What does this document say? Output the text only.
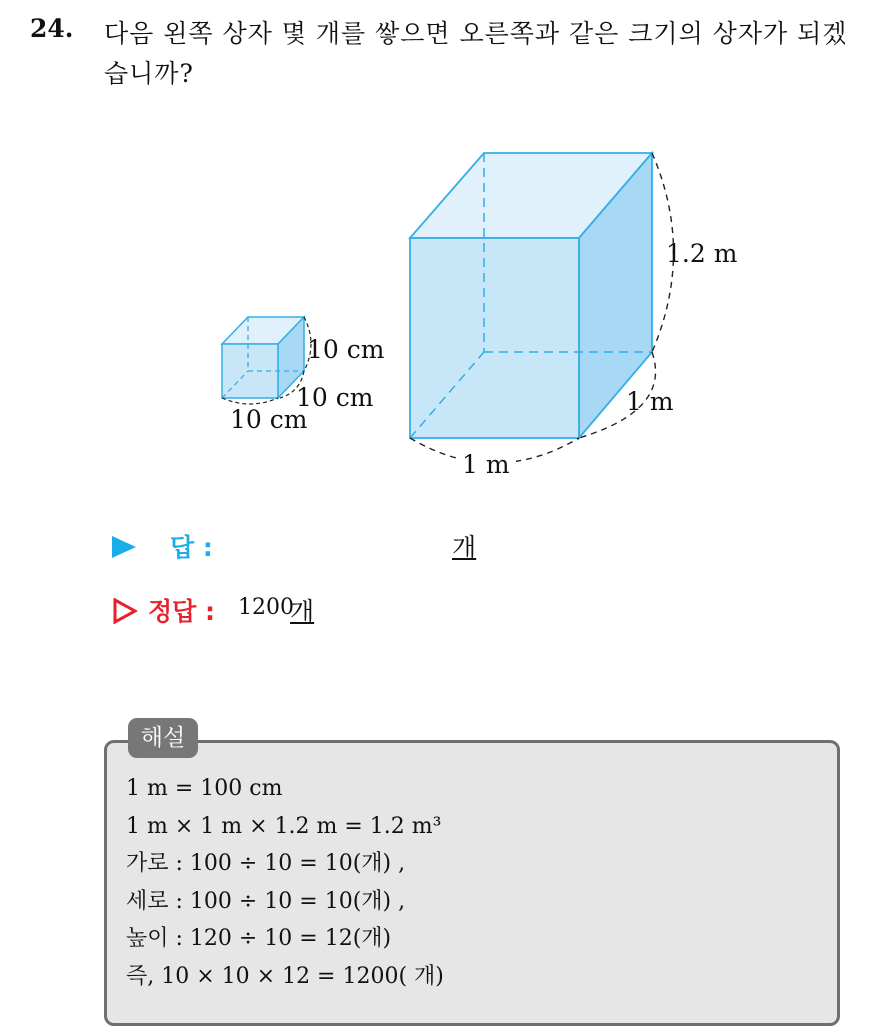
24. 다음 왼쪽 상자 몇 개를 쌓으면 오른쪽과 같은 크기의 상자가 되겠습니까?
10 cm
10 cm
10 cm
1.2 m
1 m
1 m
답 :	개
정답 : 1200
개
해설
1 m = 100 cm
1 m × 1 m × 1.2 m = 1.2 m³
가로 : 100 ÷ 10 = 10(개) ,
세로 : 100 ÷ 10 = 10(개) ,
높이 : 120 ÷ 10 = 12(개)
즉, 10 × 10 × 12 = 1200( 개)
